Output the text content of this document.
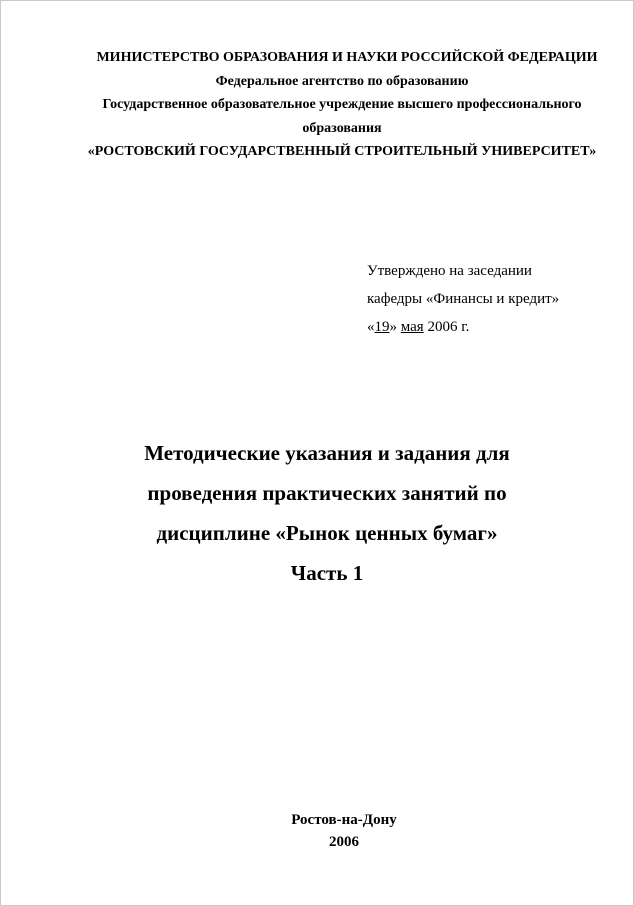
МИНИСТЕРСТВО ОБРАЗОВАНИЯ И НАУКИ РОССИЙСКОЙ ФЕДЕРАЦИИ
Федеральное агентство по образованию
Государственное образовательное учреждение высшего профессионального
образования
«РОСТОВСКИЙ ГОСУДАРСТВЕННЫЙ СТРОИТЕЛЬНЫЙ УНИВЕРСИТЕТ»
Утверждено на заседании
кафедры «Финансы и кредит»
«19» мая 2006 г.
Методические указания и задания для
проведения практических занятий по
дисциплине «Рынок ценных бумаг»
Часть 1
Ростов-на-Дону
2006
